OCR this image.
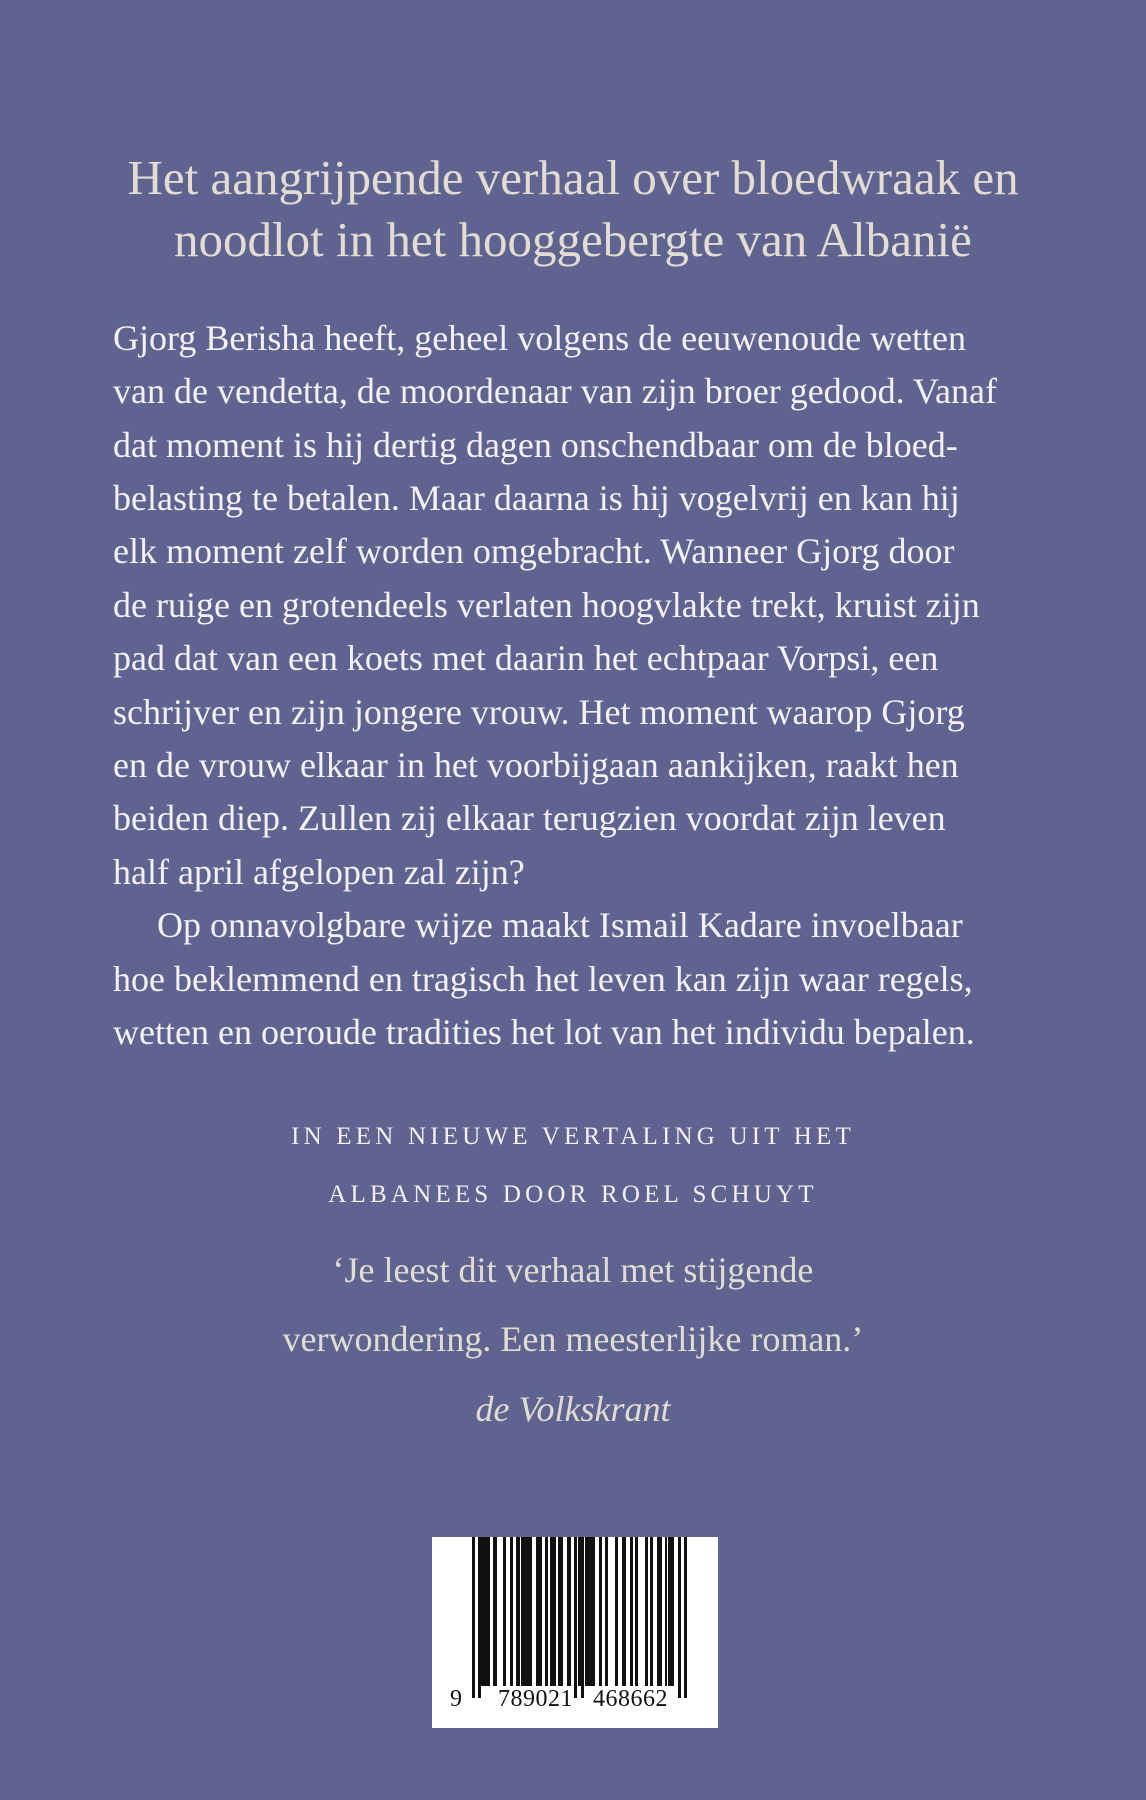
Het aangrijpende verhaal over bloedwraak en
noodlot in het hooggebergte van Albanië
Gjorg Berisha heeft, geheel volgens de eeuwenoude wetten
van de vendetta, de moordenaar van zijn broer gedood. Vanaf
dat moment is hij dertig dagen onschendbaar om de bloed-
belasting te betalen. Maar daarna is hij vogelvrij en kan hij
elk moment zelf worden omgebracht. Wanneer Gjorg door
de ruige en grotendeels verlaten hoogvlakte trekt, kruist zijn
pad dat van een koets met daarin het echtpaar Vorpsi, een
schrijver en zijn jongere vrouw. Het moment waarop Gjorg
en de vrouw elkaar in het voorbijgaan aankijken, raakt hen
beiden diep. Zullen zij elkaar terugzien voordat zijn leven
half april afgelopen zal zijn?
Op onnavolgbare wijze maakt Ismail Kadare invoelbaar
hoe beklemmend en tragisch het leven kan zijn waar regels,
wetten en oeroude tradities het lot van het individu bepalen.
IN EEN NIEUWE VERTALING UIT HET
ALBANEES DOOR ROEL SCHUYT
‘Je leest dit verhaal met stijgende
verwondering. Een meesterlijke roman.’
de Volkskrant
9 789021 468662
